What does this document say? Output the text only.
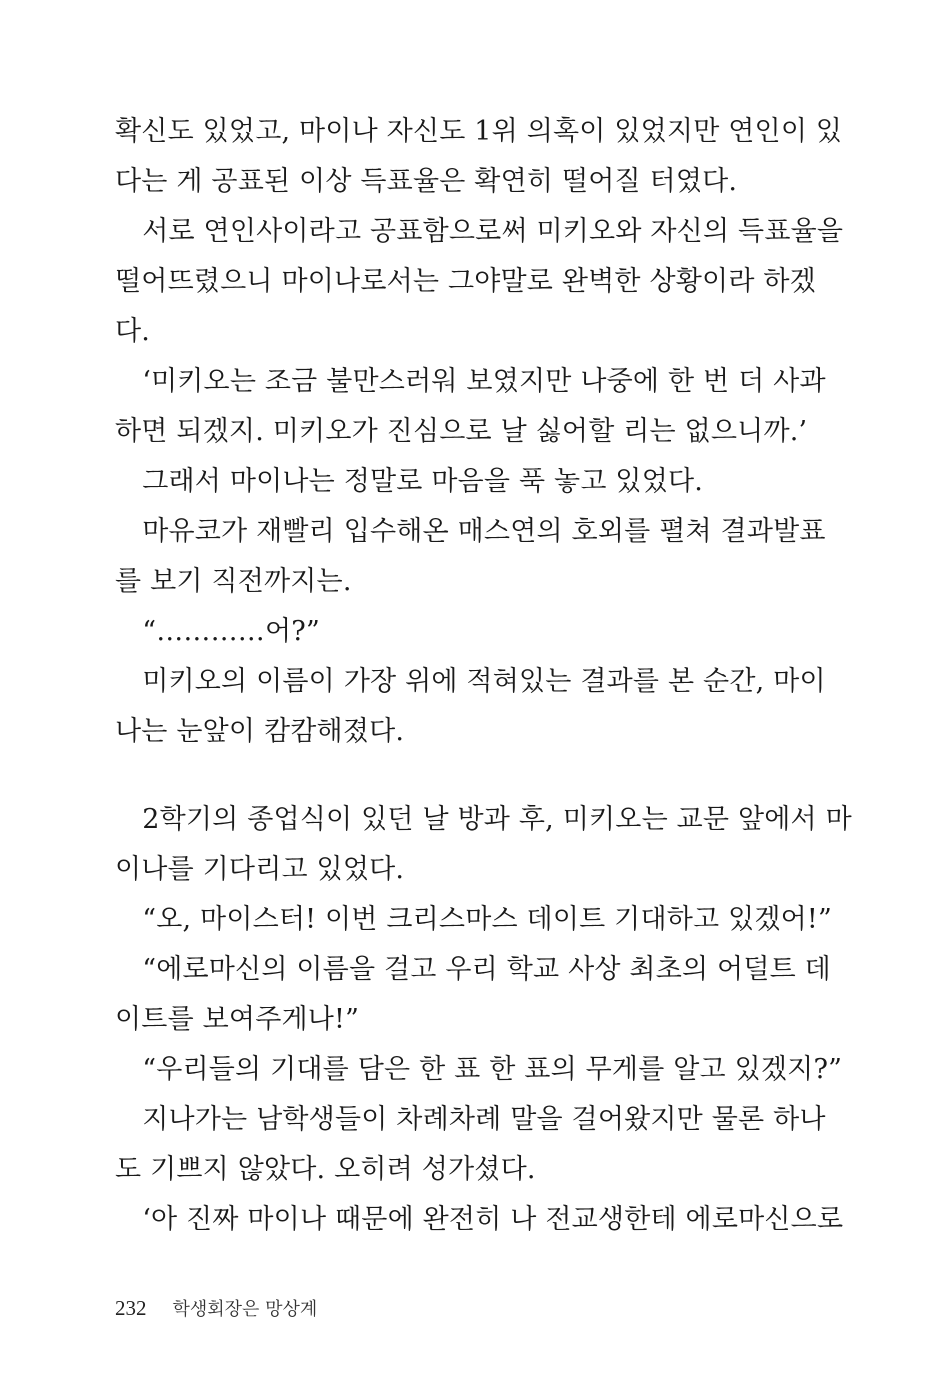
확신도 있었고, 마이나 자신도 1위 의혹이 있었지만 연인이 있
다는 게 공표된 이상 득표율은 확연히 떨어질 터였다.
　서로 연인사이라고 공표함으로써 미키오와 자신의 득표율을
떨어뜨렸으니 마이나로서는 그야말로 완벽한 상황이라 하겠
다.
　‘미키오는 조금 불만스러워 보였지만 나중에 한 번 더 사과
하면 되겠지. 미키오가 진심으로 날 싫어할 리는 없으니까.’
　그래서 마이나는 정말로 마음을 푹 놓고 있었다.
　마유코가 재빨리 입수해온 매스연의 호외를 펼쳐 결과발표
를 보기 직전까지는.
　“…………어?”
　미키오의 이름이 가장 위에 적혀있는 결과를 본 순간, 마이
나는 눈앞이 캄캄해졌다.
　2학기의 종업식이 있던 날 방과 후, 미키오는 교문 앞에서 마
이나를 기다리고 있었다.
　“오, 마이스터! 이번 크리스마스 데이트 기대하고 있겠어!”
　“에로마신의 이름을 걸고 우리 학교 사상 최초의 어덜트 데
이트를 보여주게나!”
　“우리들의 기대를 담은 한 표 한 표의 무게를 알고 있겠지?”
　지나가는 남학생들이 차례차례 말을 걸어왔지만 물론 하나
도 기쁘지 않았다. 오히려 성가셨다.
　‘아 진짜 마이나 때문에 완전히 나 전교생한테 에로마신으로
232 학생회장은 망상계
